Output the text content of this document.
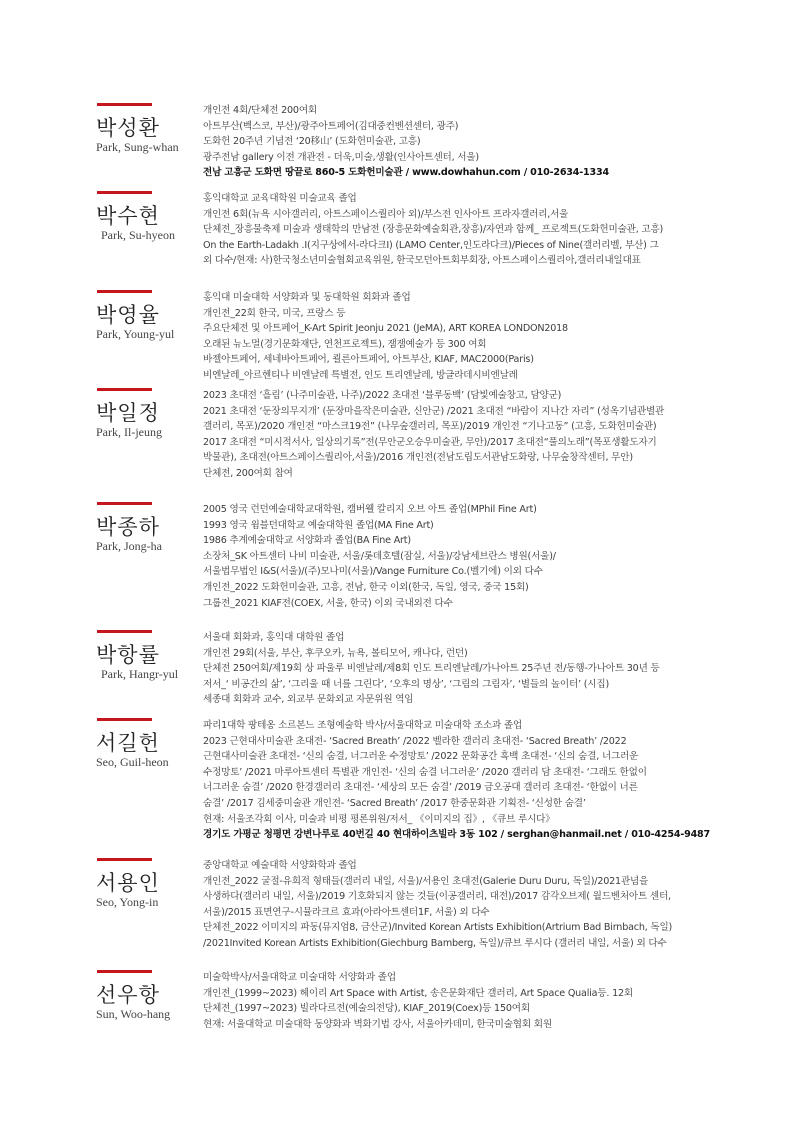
박성환
Park, Sung-whan
개인전 4회/단체전 200여회
아트부산(벡스코, 부산)/광주아트페어(김대중컨벤션센터, 광주)
도화헌 20주년 기념전 ‘20移山’ (도화헌미술관, 고흥)
광주전남 gallery 이전 개관전 - 더욱,미술,생활(인사아트센터, 서울)
전남 고흥군 도화면 땅끝로 860-5 도화헌미술관 / www.dowhahun.com / 010-2634-1334
박수현
Park, Su-hyeon
홍익대학교 교육대학원 미술교육 졸업
개인전 6회(뉴욕 시아갤러리, 아트스페이스퀄리아 외)/부스전 인사아트 프라자갤러리,서울
단체전_장흥물축제 미술과 생태학의 만남전 (장흥문화예술회관,장흥)/자연과 함께_ 프로젝트(도화헌미술관, 고흥)
On the Earth-Ladakh .I(지구상에서-라다크I) (LAMO Center,인도라다크)/Pieces of Nine(갤러리벨, 부산) 그
외 다수/현재: 사)한국청소년미술협회교육위원, 한국모던아트회부회장, 아트스페이스퀄리아,갤러리내일대표
박영율
Park, Young-yul
홍익대 미술대학 서양화과 및 동대학원 회화과 졸업
개인전_22회 한국, 미국, 프랑스 등
주요단체전 및 아트페어_K-Art Spirit Jeonju 2021 (JeMA), ART KOREA LONDON2018
오래된 뉴노멀(경기문화재단, 연천프로젝트), 잼잼예술가 등 300 여회
바젤아트페어, 세네바아트페어, 쾰른아트페어, 아트부산, KIAF, MAC2000(Paris)
비엔날레_아르헨티나 비엔날레 특별전, 인도 트리엔날레, 방글라데시비엔날레
박일정
Park, Il-jeung
2023 초대전 ‘흘림’ (나주미술관, 나주)/2022 초대전 ‘블루동백’ (담빛예술창고, 담양군)
2021 초대전 ‘둔장의무지개’ (둔장마을작은미술관, 신안군) /2021 초대전 “바람이 지나간 자리” (성옥기념관별관
갤러리, 목포)/2020 개인전 “마스크19전” (나무숲갤러리, 목포)/2019 개인전 “기나고동” (고흥, 도화헌미술관)
2017 초대전 “미시적서사, 일상의기록”전(무안군오승우미술관, 무안)/2017 초대전“풀의노래”(목포생활도자기
박물관), 초대전(아트스페이스퀄리아,서울)/2016 개인전(전남도립도서관남도화랑, 나무숲창작센터, 무안)
단체전, 200여회 참여
박종하
Park, Jong-ha
2005 영국 런던예술대학교대학원, 캠버웰 칼리지 오브 아트 졸업(MPhil Fine Art)
1993 영국 윔블던대학교 예술대학원 졸업(MA Fine Art)
1986 추계예술대학교 서양화과 졸업(BA Fine Art)
소장처_SK 아트센터 나비 미술관, 서울/롯데호텔(잠실, 서울)/강남세브란스 병원(서울)/
서울법무법인 I&S(서울)/(주)모나미(서울)/Vange Furniture Co.(벨기에) 이외 다수
개인전_2022 도화헌미술관, 고흥, 전남, 한국 이외(한국, 독일, 영국, 중국 15회)
그룹전_2021 KIAF전(COEX, 서울, 한국) 이외 국내외전 다수
박항률
Park, Hangr-yul
서울대 회화과, 홍익대 대학원 졸업
개인전 29회(서울, 부산, 후쿠오카, 뉴욕, 볼티모어, 캐나다, 런던)
단체전 250여회/제19회 상 파울루 비엔날레/제8회 인도 트리엔날레/가나아트 25주년 전/동행-가나아트 30년 등
저서_‘ 비공간의 삶’, ‘그리울 때 너를 그린다’, ‘오후의 명상’, ‘그림의 그림자’, ‘별들의 놀이터’ (시집)
세종대 회화과 교수, 외교부 문화외교 자문위원 역임
서길헌
Seo, Guil-heon
파리1대학 팡테옹 소르본느 조형예술학 박사/서울대학교 미술대학 조소과 졸업
2023 근현대사미술관 초대전- ‘Sacred Breath’ /2022 벨라한 갤러리 초대전- ‘Sacred Breath’ /2022
근현대사미술관 초대전- ‘신의 숨결, 너그러운 수정망토’ /2022 문화공간 흑백 초대전- ‘신의 숨결, 너그러운
수정망토’ /2021 마루아트센터 특별관 개인전- ‘신의 숨결 너그러운’ /2020 갤러리 담 초대전- ‘그래도 한없이
너그러운 숨결’ /2020 한경갤러리 초대전- ‘세상의 모든 숨결’ /2019 금오공대 갤러리 초대전- ‘한없이 너른
숨결’ /2017 김세중미술관 개인전- ‘Sacred Breath’ /2017 한중문화관 기획전- ‘신성한 숨결’
현재: 서울조각회 이사, 미술과 비평 평론위원/저서_ 《이미지의 집》, 《큐브 루시다》
경기도 가평군 청평면 강변나루로 40번길 40 현대하이츠빌라 3동 102 / serghan@hanmail.net / 010-4254-9487
서용인
Seo, Yong-in
중앙대학교 예술대학 서양화학과 졸업
개인전_2022 굴절-유희적 형태들(갤러리 내일, 서울)/서용인 초대전(Galerie Duru Duru, 독일)/2021관념을
사생하다(갤러리 내일, 서울)/2019 기호화되지 않는 것들(이공갤러리, 대전)/2017 감각오브제( 월드벤처아트 센터,
서울)/2015 표면연구-시뮬라크르 효과(아라아트센터1F, 서울) 외 다수
단체전_2022 이미지의 파동(뮤지엄8, 금산군)/Invited Korean Artists Exhibition(Artrium Bad Birnbach, 독일)
/2021Invited Korean Artists Exhibition(Giechburg Bamberg, 독일)/큐브 루시다 (갤러리 내일, 서울) 외 다수
선우항
Sun, Woo-hang
미술학박사/서울대학교 미술대학 서양화과 졸업
개인전_(1999~2023) 헤이리 Art Space with Artist, 송은문화재단 갤러리, Art Space Qualia등. 12회
단체전_(1997~2023) 빌라다르전(예술의전당), KIAF_2019(Coex)등 150여회
현재: 서울대학교 미술대학 동양화과 벽화기법 강사, 서울아카데미, 한국미술협회 회원
